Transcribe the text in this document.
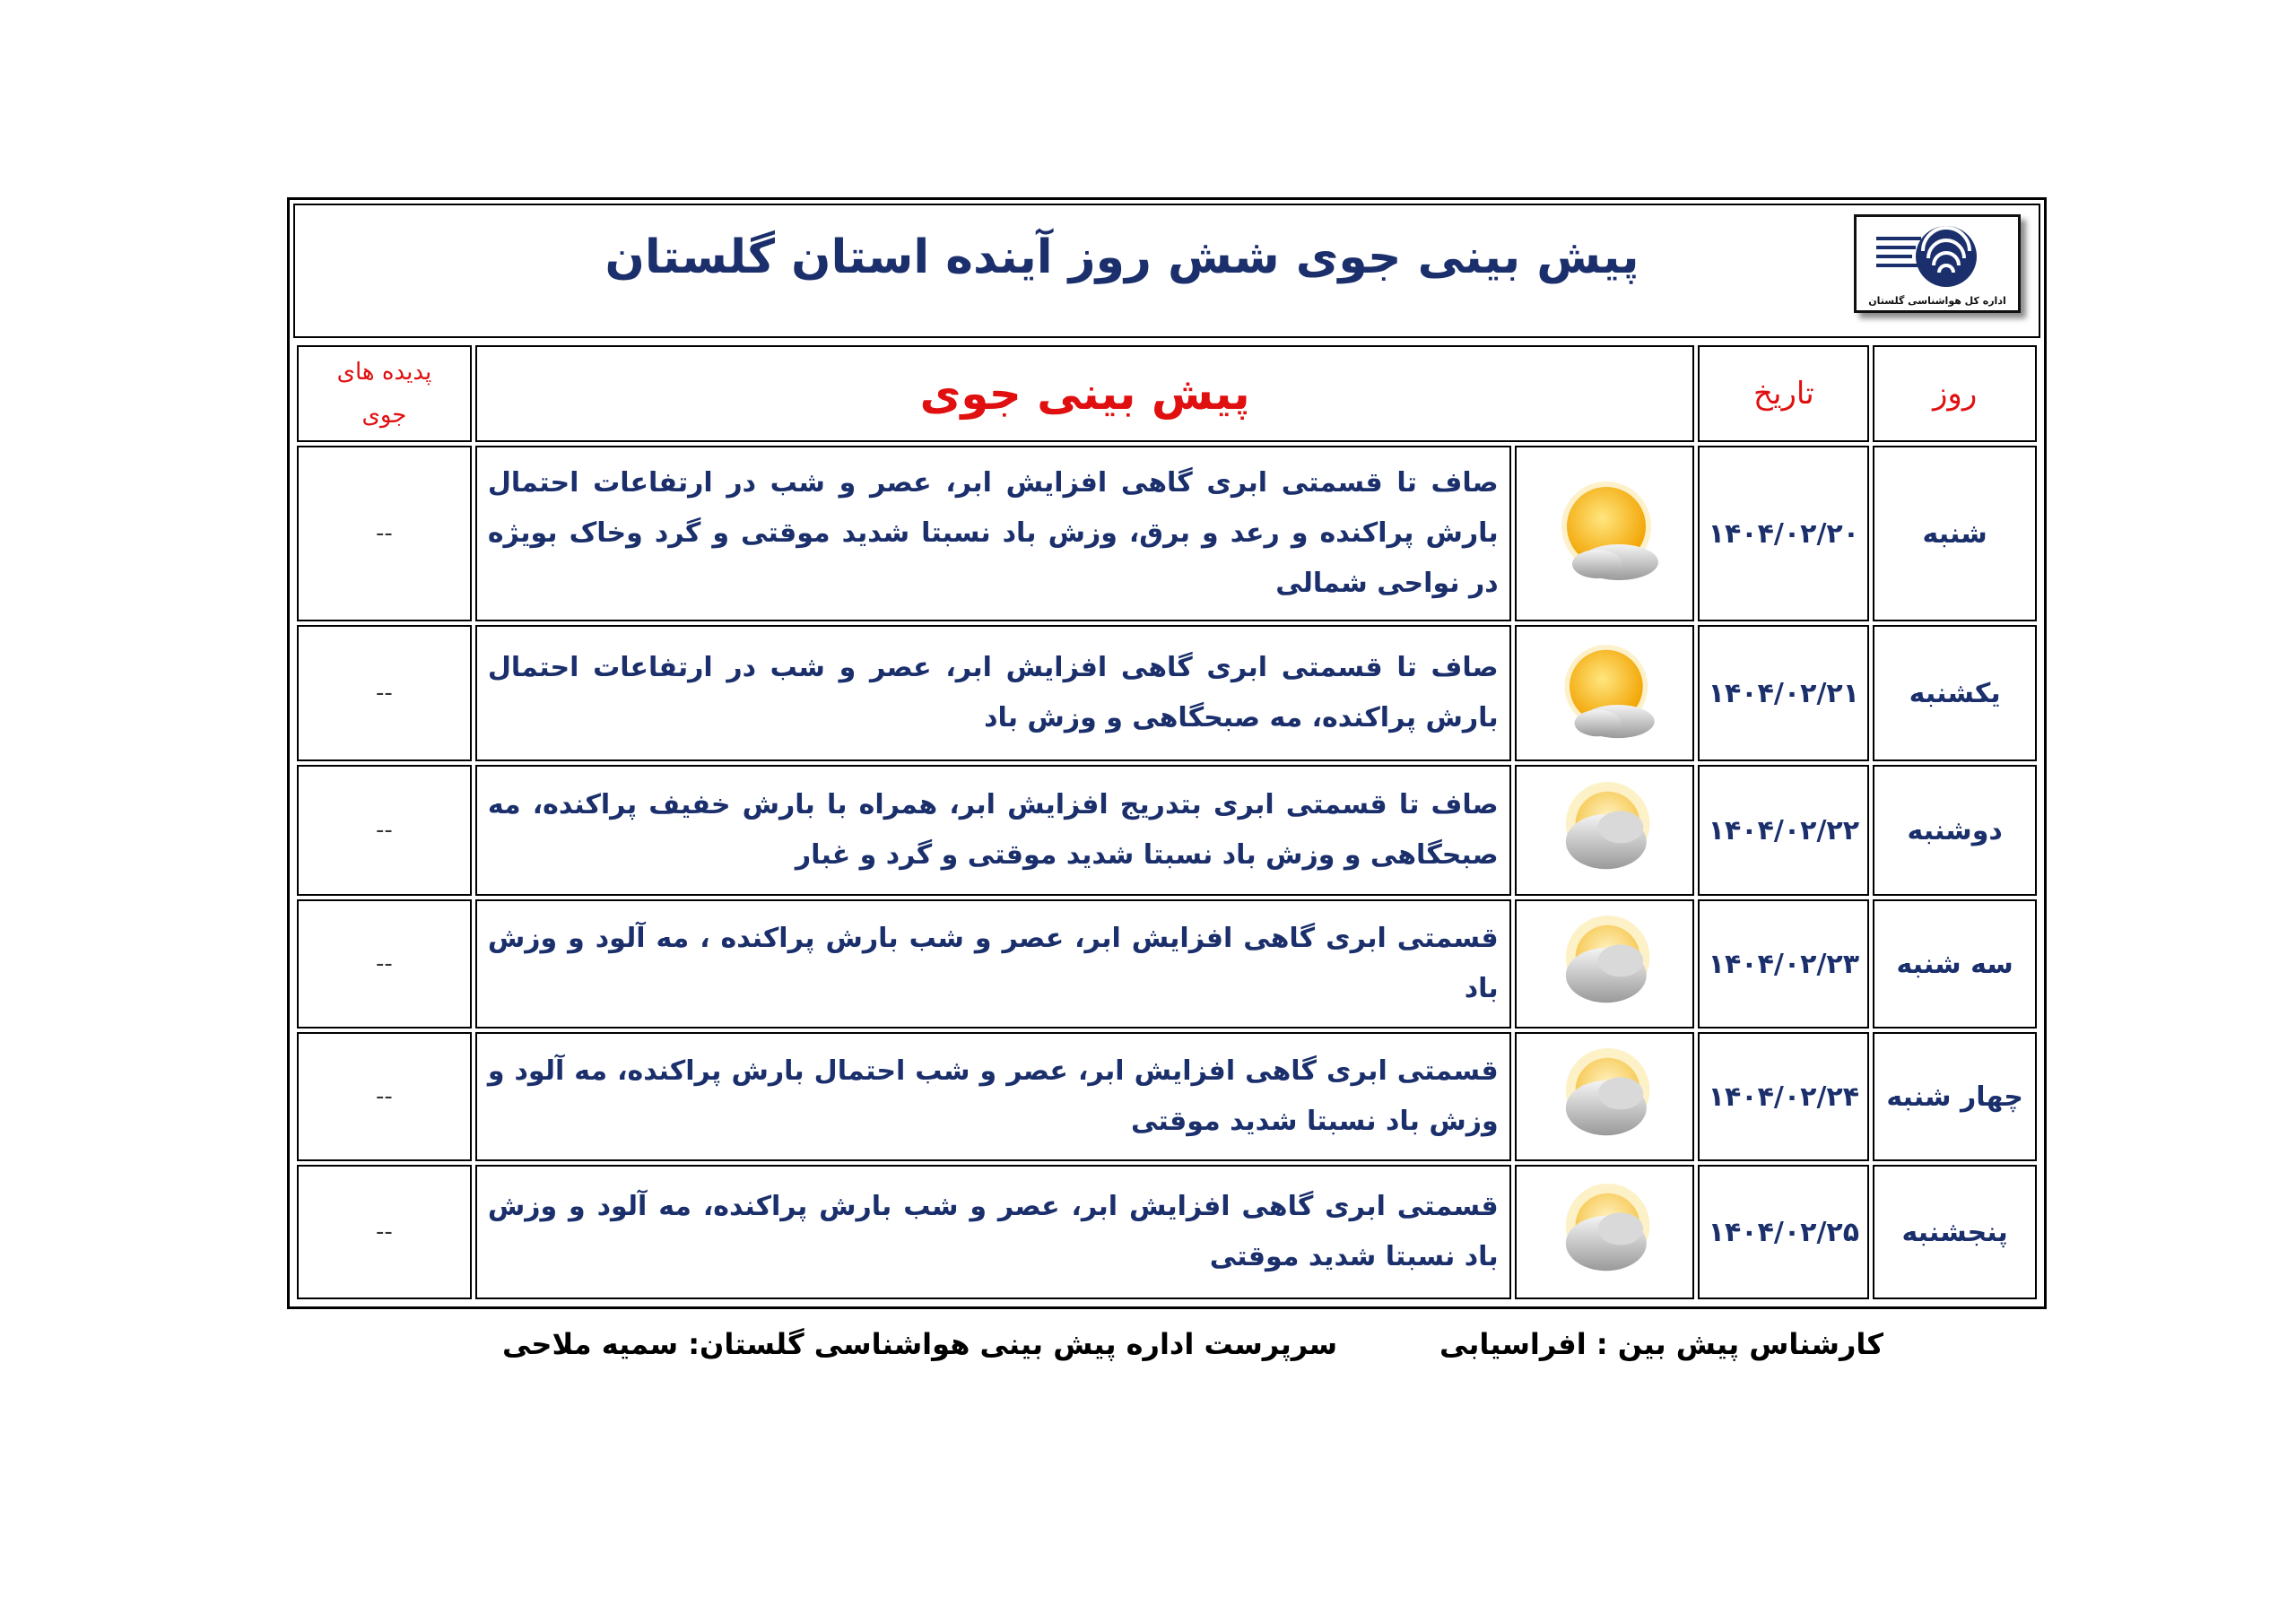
پیش بینی جوی شش روز آینده استان گلستان
اداره کل هواشناسی گلستان
روز	تاریخ	پیش بینی جوی		پدیده های
جوی
شنبه	۱۴۰۴/۰۲/۲۰		صاف تا قسمتی ابری گاهی افزایش ابر، عصر و شب در ارتفاعات احتمال بارش پراکنده و رعد و برق، وزش باد نسبتا شدید موقتی و گرد وخاک بویژه در نواحی شمالی	--
یکشنبه	۱۴۰۴/۰۲/۲۱		صاف تا قسمتی ابری گاهی افزایش ابر، عصر و شب در ارتفاعات احتمال بارش پراکنده، مه صبحگاهی و وزش باد	--
دوشنبه	۱۴۰۴/۰۲/۲۲		صاف تا قسمتی ابری بتدریج افزایش ابر، همراه با بارش خفیف پراکنده، مه صبحگاهی و وزش باد نسبتا شدید موقتی و گرد و غبار	--
سه شنبه	۱۴۰۴/۰۲/۲۳		قسمتی ابری گاهی افزایش ابر، عصر و شب بارش پراکنده ، مه آلود و وزش باد	--
چهار شنبه	۱۴۰۴/۰۲/۲۴		قسمتی ابری گاهی افزایش ابر، عصر و شب احتمال بارش پراکنده، مه آلود و وزش باد نسبتا شدید موقتی	--
پنجشنبه	۱۴۰۴/۰۲/۲۵		قسمتی ابری گاهی افزایش ابر، عصر و شب بارش پراکنده، مه آلود و وزش باد نسبتا شدید موقتی	--
کارشناس پیش بین : افراسیابی
سرپرست اداره پیش بینی هواشناسی گلستان: سمیه ملاحی
